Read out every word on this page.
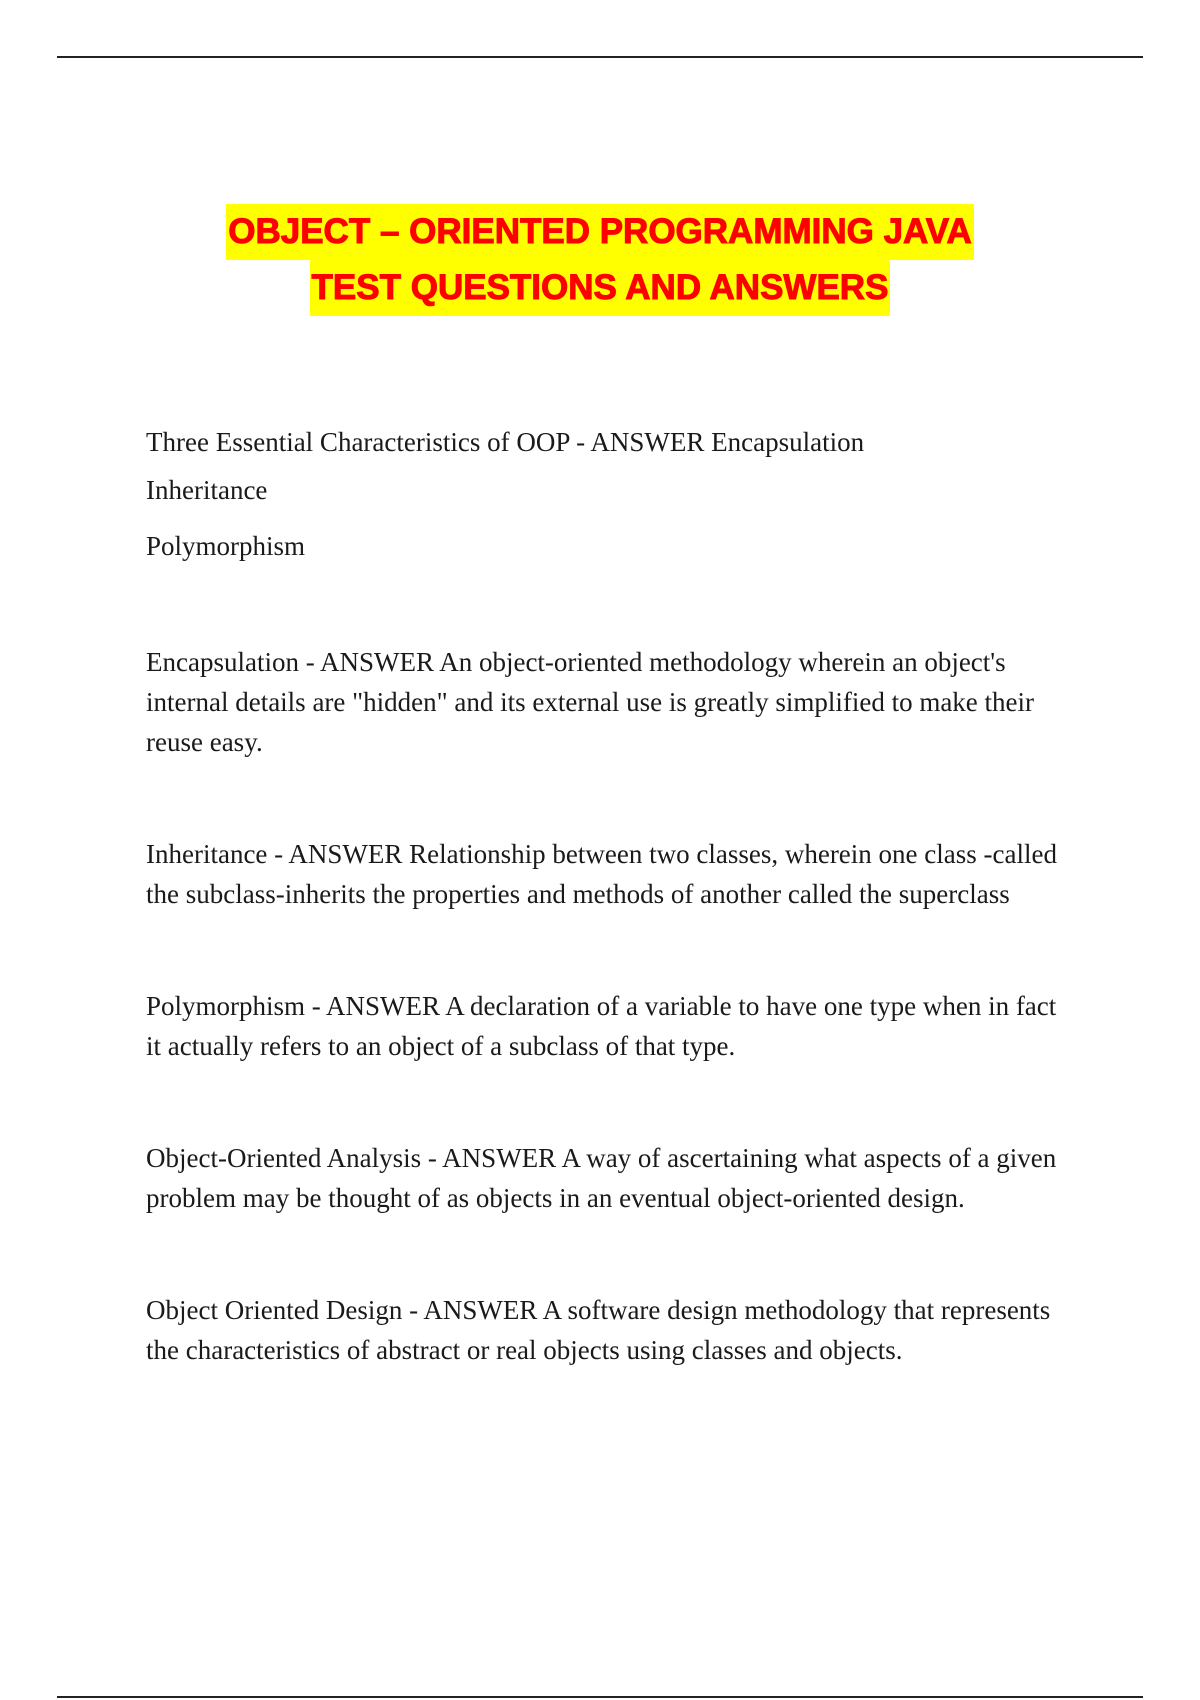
OBJECT – ORIENTED PROGRAMMING JAVA
TEST QUESTIONS AND ANSWERS

Three Essential Characteristics of OOP - ANSWER Encapsulation

Inheritance

Polymorphism

Encapsulation - ANSWER An object-oriented methodology wherein an object's internal details are "hidden" and its external use is greatly simplified to make their reuse easy.

Inheritance - ANSWER Relationship between two classes, wherein one class -called the subclass-inherits the properties and methods of another called the superclass

Polymorphism - ANSWER A declaration of a variable to have one type when in fact it actually refers to an object of a subclass of that type.

Object-Oriented Analysis - ANSWER A way of ascertaining what aspects of a given problem may be thought of as objects in an eventual object-oriented design.

Object Oriented Design - ANSWER A software design methodology that represents the characteristics of abstract or real objects using classes and objects.
